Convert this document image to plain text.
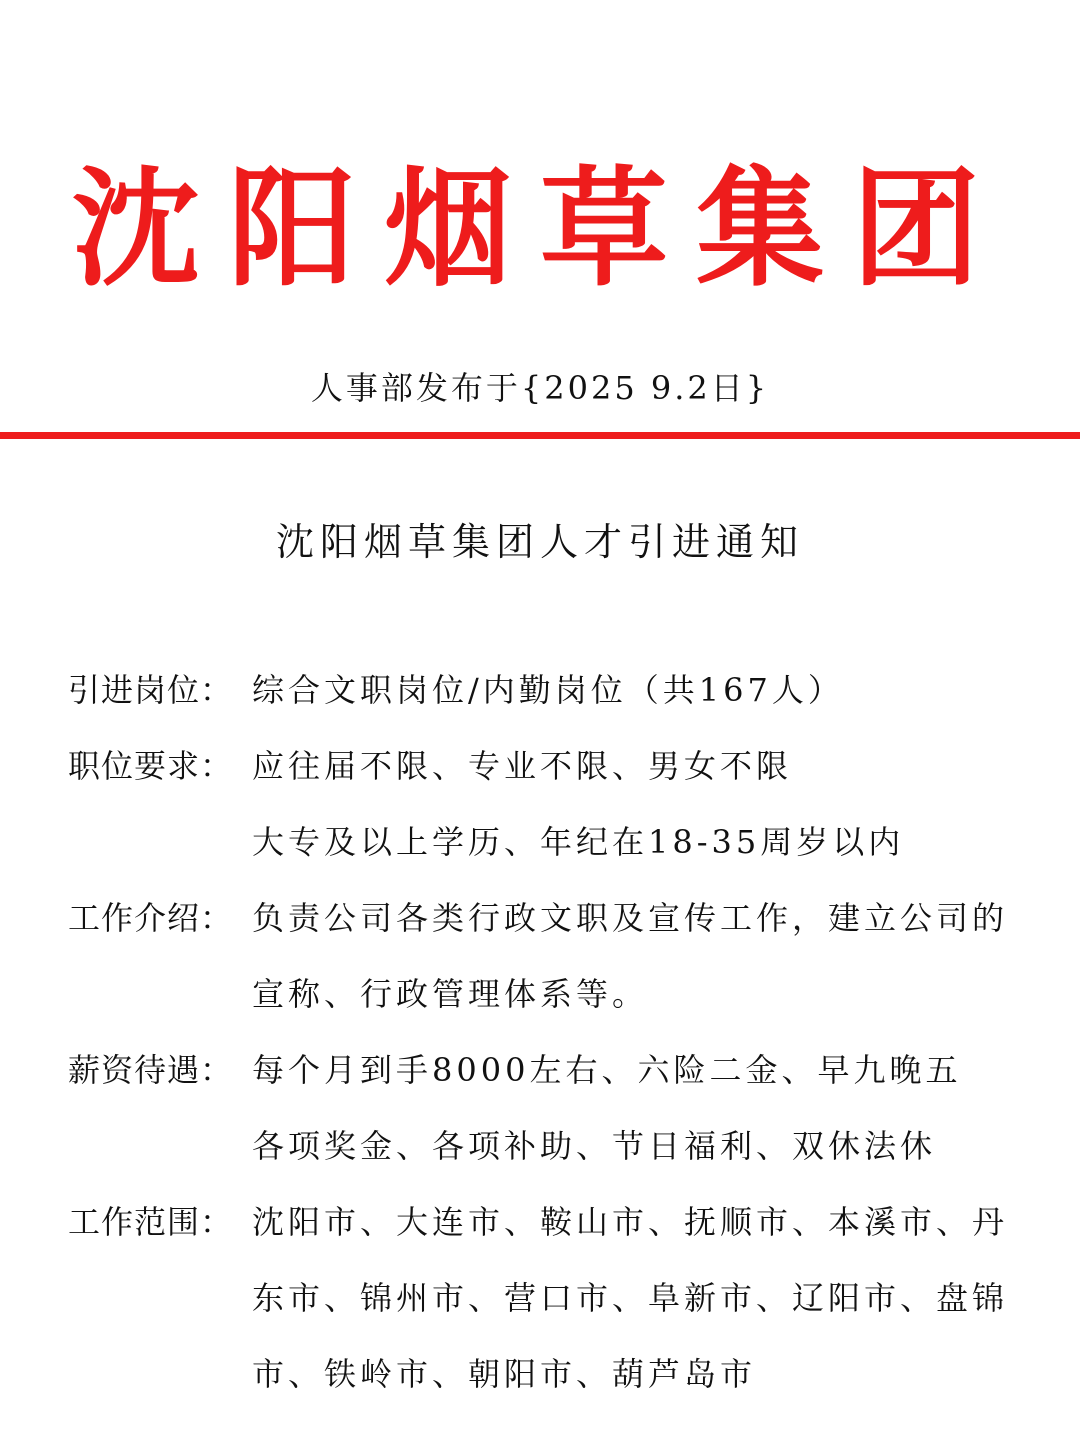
沈阳烟草集团
人事部发布于{2025 9.2日}
沈阳烟草集团人才引进通知
引进岗位： 综合文职岗位/内勤岗位（共167人）
职位要求： 应往届不限、专业不限、男女不限
大专及以上学历、年纪在18-35周岁以内
工作介绍： 负责公司各类行政文职及宣传工作，建立公司的
宣称、行政管理体系等。
薪资待遇： 每个月到手8000左右、六险二金、早九晚五
各项奖金、各项补助、节日福利、双休法休
工作范围： 沈阳市、大连市、鞍山市、抚顺市、本溪市、丹
东市、锦州市、营口市、阜新市、辽阳市、盘锦
市、铁岭市、朝阳市、葫芦岛市
